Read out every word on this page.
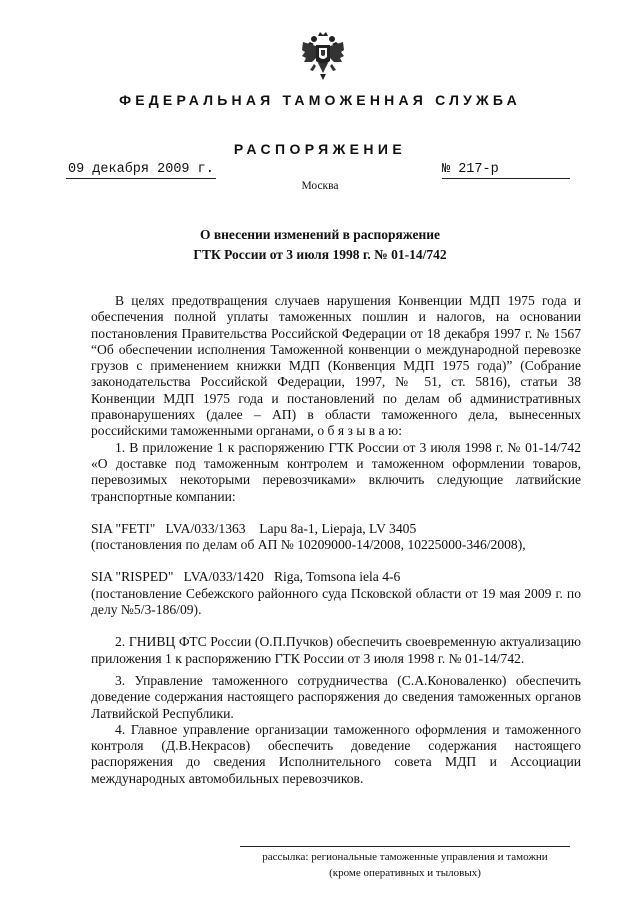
ФЕДЕРАЛЬНАЯ ТАМОЖЕННАЯ СЛУЖБА
РАСПОРЯЖЕНИЕ
09 декабря 2009 г.	№ 217-р
Москва
О внесении изменений в распоряжение
ГТК России от 3 июля 1998 г. № 01-14/742

В целях предотвращения случаев нарушения Конвенции МДП 1975 года и обеспечения полной уплаты таможенных пошлин и налогов, на основании постановления Правительства Российской Федерации от 18 декабря 1997 г. № 1567 “Об обеспечении исполнения Таможенной конвенции о международной перевозке грузов с применением книжки МДП (Конвенция МДП 1975 года)” (Собрание законодательства Российской Федерации, 1997, № 51, ст. 5816), статьи 38 Конвенции МДП 1975 года и постановлений по делам об административных правонарушениях (далее – АП) в области таможенного дела, вынесенных российскими таможенными органами, о б я з ы в а ю:

1. В приложение 1 к распоряжению ГТК России от 3 июля 1998 г. № 01-14/742 «О доставке под таможенным контролем и таможенном оформлении товаров, перевозимых некоторыми перевозчиками» включить следующие латвийские транспортные компании:

SIA "FETI"   LVA/033/1363    Lapu 8a-1, Liepaja, LV 3405

(постановления по делам об АП № 10209000-14/2008, 10225000-346/2008),

SIA "RISPED"   LVA/033/1420   Riga, Tomsona iela 4-6

(постановление Себежского районного суда Псковской области от 19 мая 2009 г. по делу №5/3-186/09).

2. ГНИВЦ ФТС России (О.П.Пучков) обеспечить своевременную актуализацию приложения 1 к распоряжению ГТК России от 3 июля 1998 г. № 01-14/742.

3. Управление таможенного сотрудничества (С.А.Коноваленко) обеспечить доведение содержания настоящего распоряжения до сведения таможенных органов Латвийской Республики.

4. Главное управление организации таможенного оформления и таможенного контроля (Д.В.Некрасов) обеспечить доведение содержания настоящего распоряжения до сведения Исполнительного совета МДП и Ассоциации международных автомобильных перевозчиков.

рассылка: региональные таможенные управления и таможни
(кроме оперативных и тыловых)
